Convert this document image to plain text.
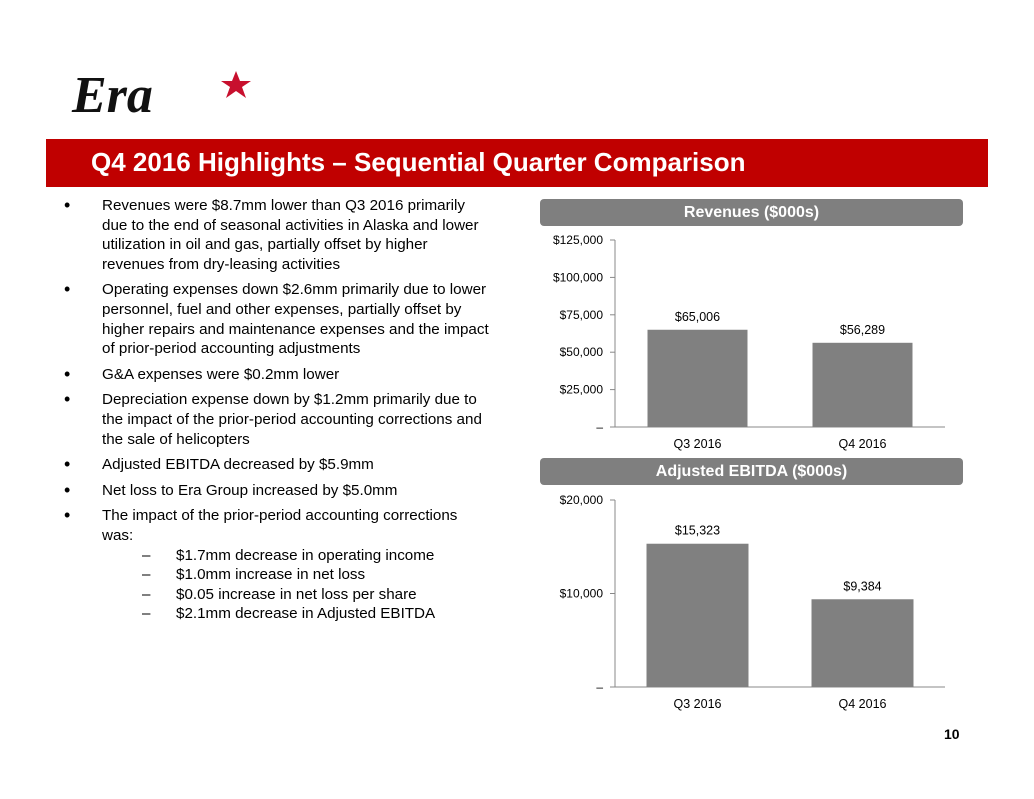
Era
Q4 2016 Highlights – Sequential Quarter Comparison
• Revenues were $8.7mm lower than Q3 2016 primarily due to the end of seasonal activities in Alaska and lower utilization in oil and gas, partially offset by higher revenues from dry-leasing activities
• Operating expenses down $2.6mm primarily due to lower personnel, fuel and other expenses, partially offset by higher repairs and maintenance expenses and the impact of prior-period accounting adjustments
• G&A expenses were $0.2mm lower
• Depreciation expense down by $1.2mm primarily due to the impact of the prior-period accounting corrections and the sale of helicopters
• Adjusted EBITDA decreased by $5.9mm
• Net loss to Era Group increased by $5.0mm
• The impact of the prior-period accounting corrections was:
– $1.7mm decrease in operating income
– $1.0mm increase in net loss
– $0.05 increase in net loss per share
– $2.1mm decrease in Adjusted EBITDA
Revenues ($000s)
–
$25,000
$50,000
$75,000
$100,000
$125,000
$65,006
Q3 2016
$56,289
Q4 2016
Adjusted EBITDA ($000s)
–
$10,000
$20,000
$15,323
Q3 2016
$9,384
Q4 2016
10
